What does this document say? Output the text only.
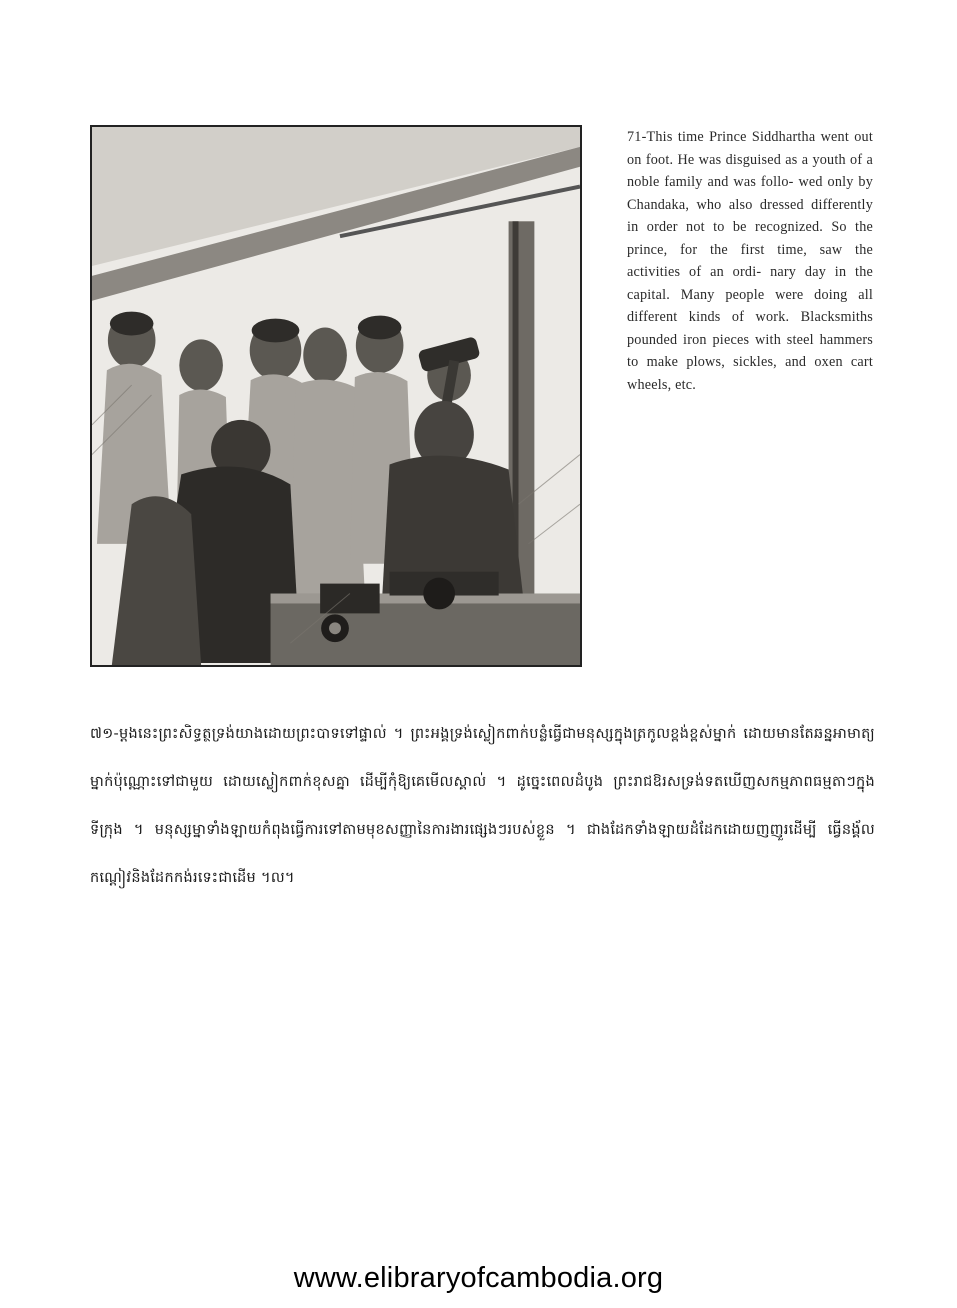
71-This time Prince Siddhartha went out on foot. He was disguised as a youth of a noble family and was follo- wed only by Chandaka, who also dressed differently in order not to be recognized. So the prince, for the first time, saw the activities of an ordi- nary day in the capital. Many people were doing all different kinds of work. Blacksmiths pounded iron pieces with steel hammers to make plows, sickles, and oxen cart wheels, etc.
៧១-ម្តងនេះព្រះសិទ្ធត្ថទ្រង់យាងដោយព្រះបាទទៅផ្ទាល់ ។ ព្រះអង្គទ្រង់ស្លៀកពាក់បន្លំធ្វើជាមនុស្សក្នុងត្រកូលខ្ពង់ខ្ពស់ម្នាក់ ដោយមានតែឆន្នអាមាត្យម្នាក់ប៉ុណ្ណោះទៅជាមួយ ដោយស្លៀកពាក់ខុសគ្នា ដើម្បីកុំឱ្យគេមើលស្គាល់ ។ ដូច្នេះពេលដំបូង ព្រះរាជឱរសទ្រង់ទតឃើញសកម្មភាពធម្មតាៗក្នុងទីក្រុង ។ មនុស្សម្នាទាំងឡាយកំពុងធ្វើការទៅតាមមុខសញ្ញានៃការងារផ្សេងៗរបស់ខ្លួន ។ ជាងដែកទាំងឡាយដំដែកដោយញញួរដើម្បី ធ្វើនង្គ័ល កណ្តៀវនិងដែកកង់រទេះជាដើម ។ល។
www.elibraryofcambodia.org
